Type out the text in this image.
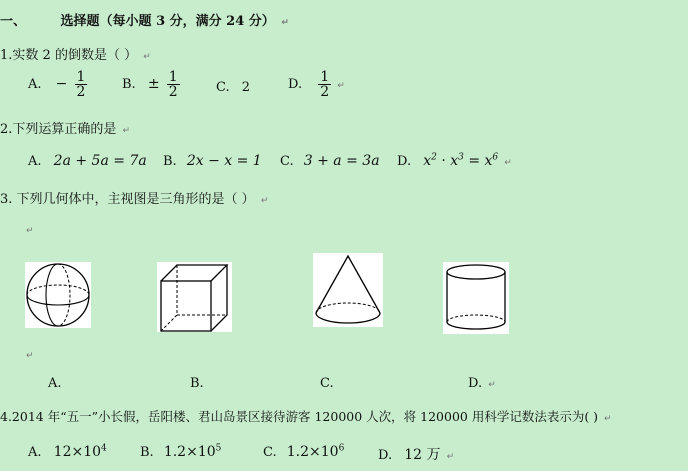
一、	选择题（每小题 3 分，满分 24 分） ↵
1.实数 2 的倒数是（ ） ↵
A. − $\frac{1}{2}$	B. ± $\frac{1}{2}$	C. 2	D. $\frac{1}{2}$ ↵
2.下列运算正确的是 ↵
A. 2a + 5a = 7a B. 2x − x = 1 C. 3 + a = 3a D. $x^2 \cdot x^3 = x^6$ ↵
3. 下列几何体中，主视图是三角形的是（ ） ↵
↵
↵
A.	B.	C.	D. ↵
4.2014 年“五一”小长假，岳阳楼、君山岛景区接待游客 120000 人次，将 120000 用科学记数法表示为( ) ↵
A. $12\times 10^4$	B. $1.2\times 10^5$	C. $1.2\times 10^6$	D. 12 万 ↵
